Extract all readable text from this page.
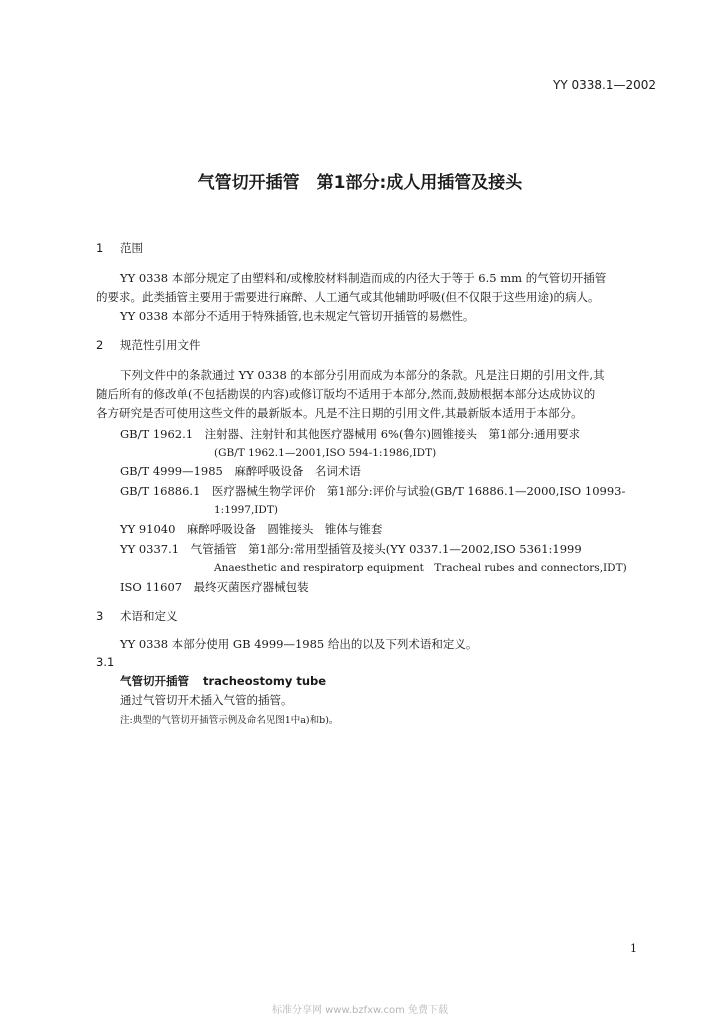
YY 0338.1—2002
气管切开插管　第1部分:成人用插管及接头
1 范围
YY 0338 本部分规定了由塑料和/或橡胶材料制造而成的内径大于等于 6.5 mm 的气管切开插管
的要求。此类插管主要用于需要进行麻醉、人工通气或其他辅助呼吸(但不仅限于这些用途)的病人。
YY 0338 本部分不适用于特殊插管,也未规定气管切开插管的易燃性。
2 规范性引用文件
下列文件中的条款通过 YY 0338 的本部分引用而成为本部分的条款。凡是注日期的引用文件,其
随后所有的修改单(不包括勘误的内容)或修订版均不适用于本部分,然而,鼓励根据本部分达成协议的
各方研究是否可使用这些文件的最新版本。凡是不注日期的引用文件,其最新版本适用于本部分。
GB/T 1962.1　注射器、注射针和其他医疗器械用 6%(鲁尔)圆锥接头　第1部分:通用要求
(GB/T 1962.1—2001,ISO 594-1:1986,IDT)
GB/T 4999—1985　麻醉呼吸设备　名词术语
GB/T 16886.1　医疗器械生物学评价　第1部分:评价与试验(GB/T 16886.1—2000,ISO 10993-
1:1997,IDT)
YY 91040　麻醉呼吸设备　圆锥接头　锥体与锥套
YY 0337.1　气管插管　第1部分:常用型插管及接头(YY 0337.1—2002,ISO 5361:1999
Anaesthetic and respiratorp equipment　Tracheal rubes and connectors,IDT)
ISO 11607　最终灭菌医疗器械包装
3 术语和定义
YY 0338 本部分使用 GB 4999—1985 给出的以及下列术语和定义。
3.1
气管切开插管 tracheostomy tube
通过气管切开术插入气管的插管。
注:典型的气管切开插管示例及命名见图1中a)和b)。
1
标准分享网 www.bzfxw.com 免费下载
